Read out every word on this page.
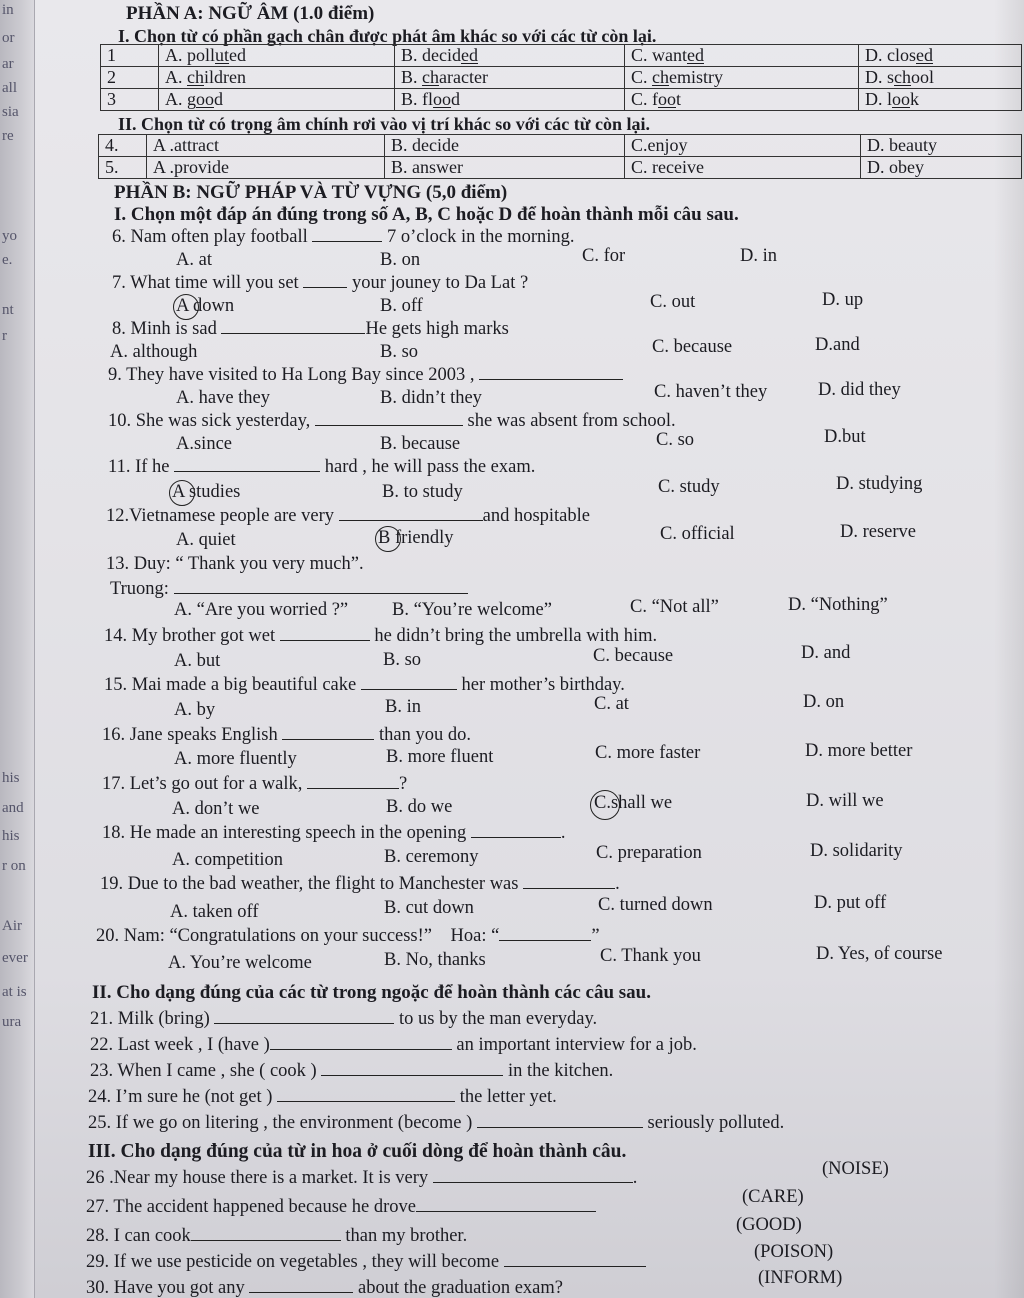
in
or
ar
all
sia
re
yo
e.
nt
r
his
and
his
r on
Air
ever
at is
ura
PHẦN A: NGỮ ÂM (1.0 điểm)
I. Chọn từ có phần gạch chân được phát âm khác so với các từ còn lại.
1	A. polluted	B. decided	C. wanted	D. closed
2	A. children	B. character	C. chemistry	D. school
3	A. good	B. flood	C. foot	D. look
II. Chọn từ có trọng âm chính rơi vào vị trí khác so với các từ còn lại.
4.	A .attract	B. decide	C.enjoy	D. beauty
5.	A .provide	B. answer	C. receive	D. obey
PHẦN B: NGỮ PHÁP VÀ TỪ VỰNG (5,0 điểm)
I. Chọn một đáp án đúng trong số A, B, C hoặc D để hoàn thành mỗi câu sau.
6. Nam often play football	7 o’clock in the morning.
A. at	B. on	C. for	D. in
7. What time will you set	your jouney to Da Lat ?
A down	B. off	C. out	D. up
8. Minh is sad	He gets high marks
A. although	B. so	C. because	D.and
9. They have visited to Ha Long Bay since 2003 ,
A. have they	B. didn’t they	C. haven’t they	D. did they
10. She was sick yesterday,	she was absent from school.
A.since	B. because	C. so	D.but
11. If he	hard , he will pass the exam.
A studies	B. to study	C. study	D. studying
12.Vietnamese people are very	and hospitable
A. quiet	B friendly	C. official	D. reserve
13. Duy: “ Thank you very much”.
Truong:
A. “Are you worried ?” B. “You’re welcome”	C. “Not all”	D. “Nothing”
14. My brother got wet	he didn’t bring the umbrella with him.
A. but	B. so	C. because	D. and
15. Mai made a big beautiful cake	her mother’s birthday.
A. by	B. in	C. at	D. on
16. Jane speaks English	than you do.
A. more fluently	B. more fluent	C. more faster	D. more better
17. Let’s go out for a walk,	?
A. don’t we	B. do we	C.shall we	D. will we
18. He made an interesting speech in the opening	.
A. competition	B. ceremony	C. preparation	D. solidarity
19. Due to the bad weather, the flight to Manchester was	.
A. taken off	B. cut down	C. turned down	D. put off
20. Nam: “Congratulations on your success!” Hoa: “	”
A. You’re welcome	B. No, thanks	C. Thank you	D. Yes, of course
II. Cho dạng đúng của các từ trong ngoặc để hoàn thành các câu sau.
21. Milk (bring)	to us by the man everyday.
22. Last week , I (have )	an important interview for a job.
23. When I came , she ( cook )	in the kitchen.
24. I’m sure he (not get )	the letter yet.
25. If we go on litering , the environment (become )	seriously polluted.
III. Cho dạng đúng của từ in hoa ở cuối dòng để hoàn thành câu.
26 .Near my house there is a market. It is very	.	(NOISE)
27. The accident happened because he drove	(CARE)
28. I can cook	than my brother.
(GOOD)
29. If we use pesticide on vegetables , they will become	(POISON)
30. Have you got any	about the graduation exam?	(INFORM)
